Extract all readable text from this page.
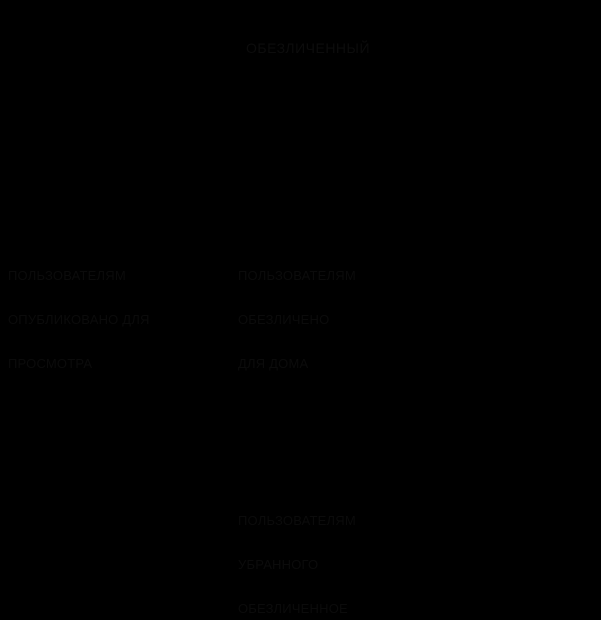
ОБЕЗЛИЧЕННЫЙ

ПОЛЬЗОВАТЕЛЯМ

ОПУБЛИКОВАНО ДЛЯ

ПРОСМОТРА

ПОЛЬЗОВАТЕЛЯМ

ОБЕЗЛИЧЕНО

ДЛЯ ДОМА

ПОЛЬЗОВАТЕЛЯМ

УБРАННОГО

ОБЕЗЛИЧЕННОЕ
